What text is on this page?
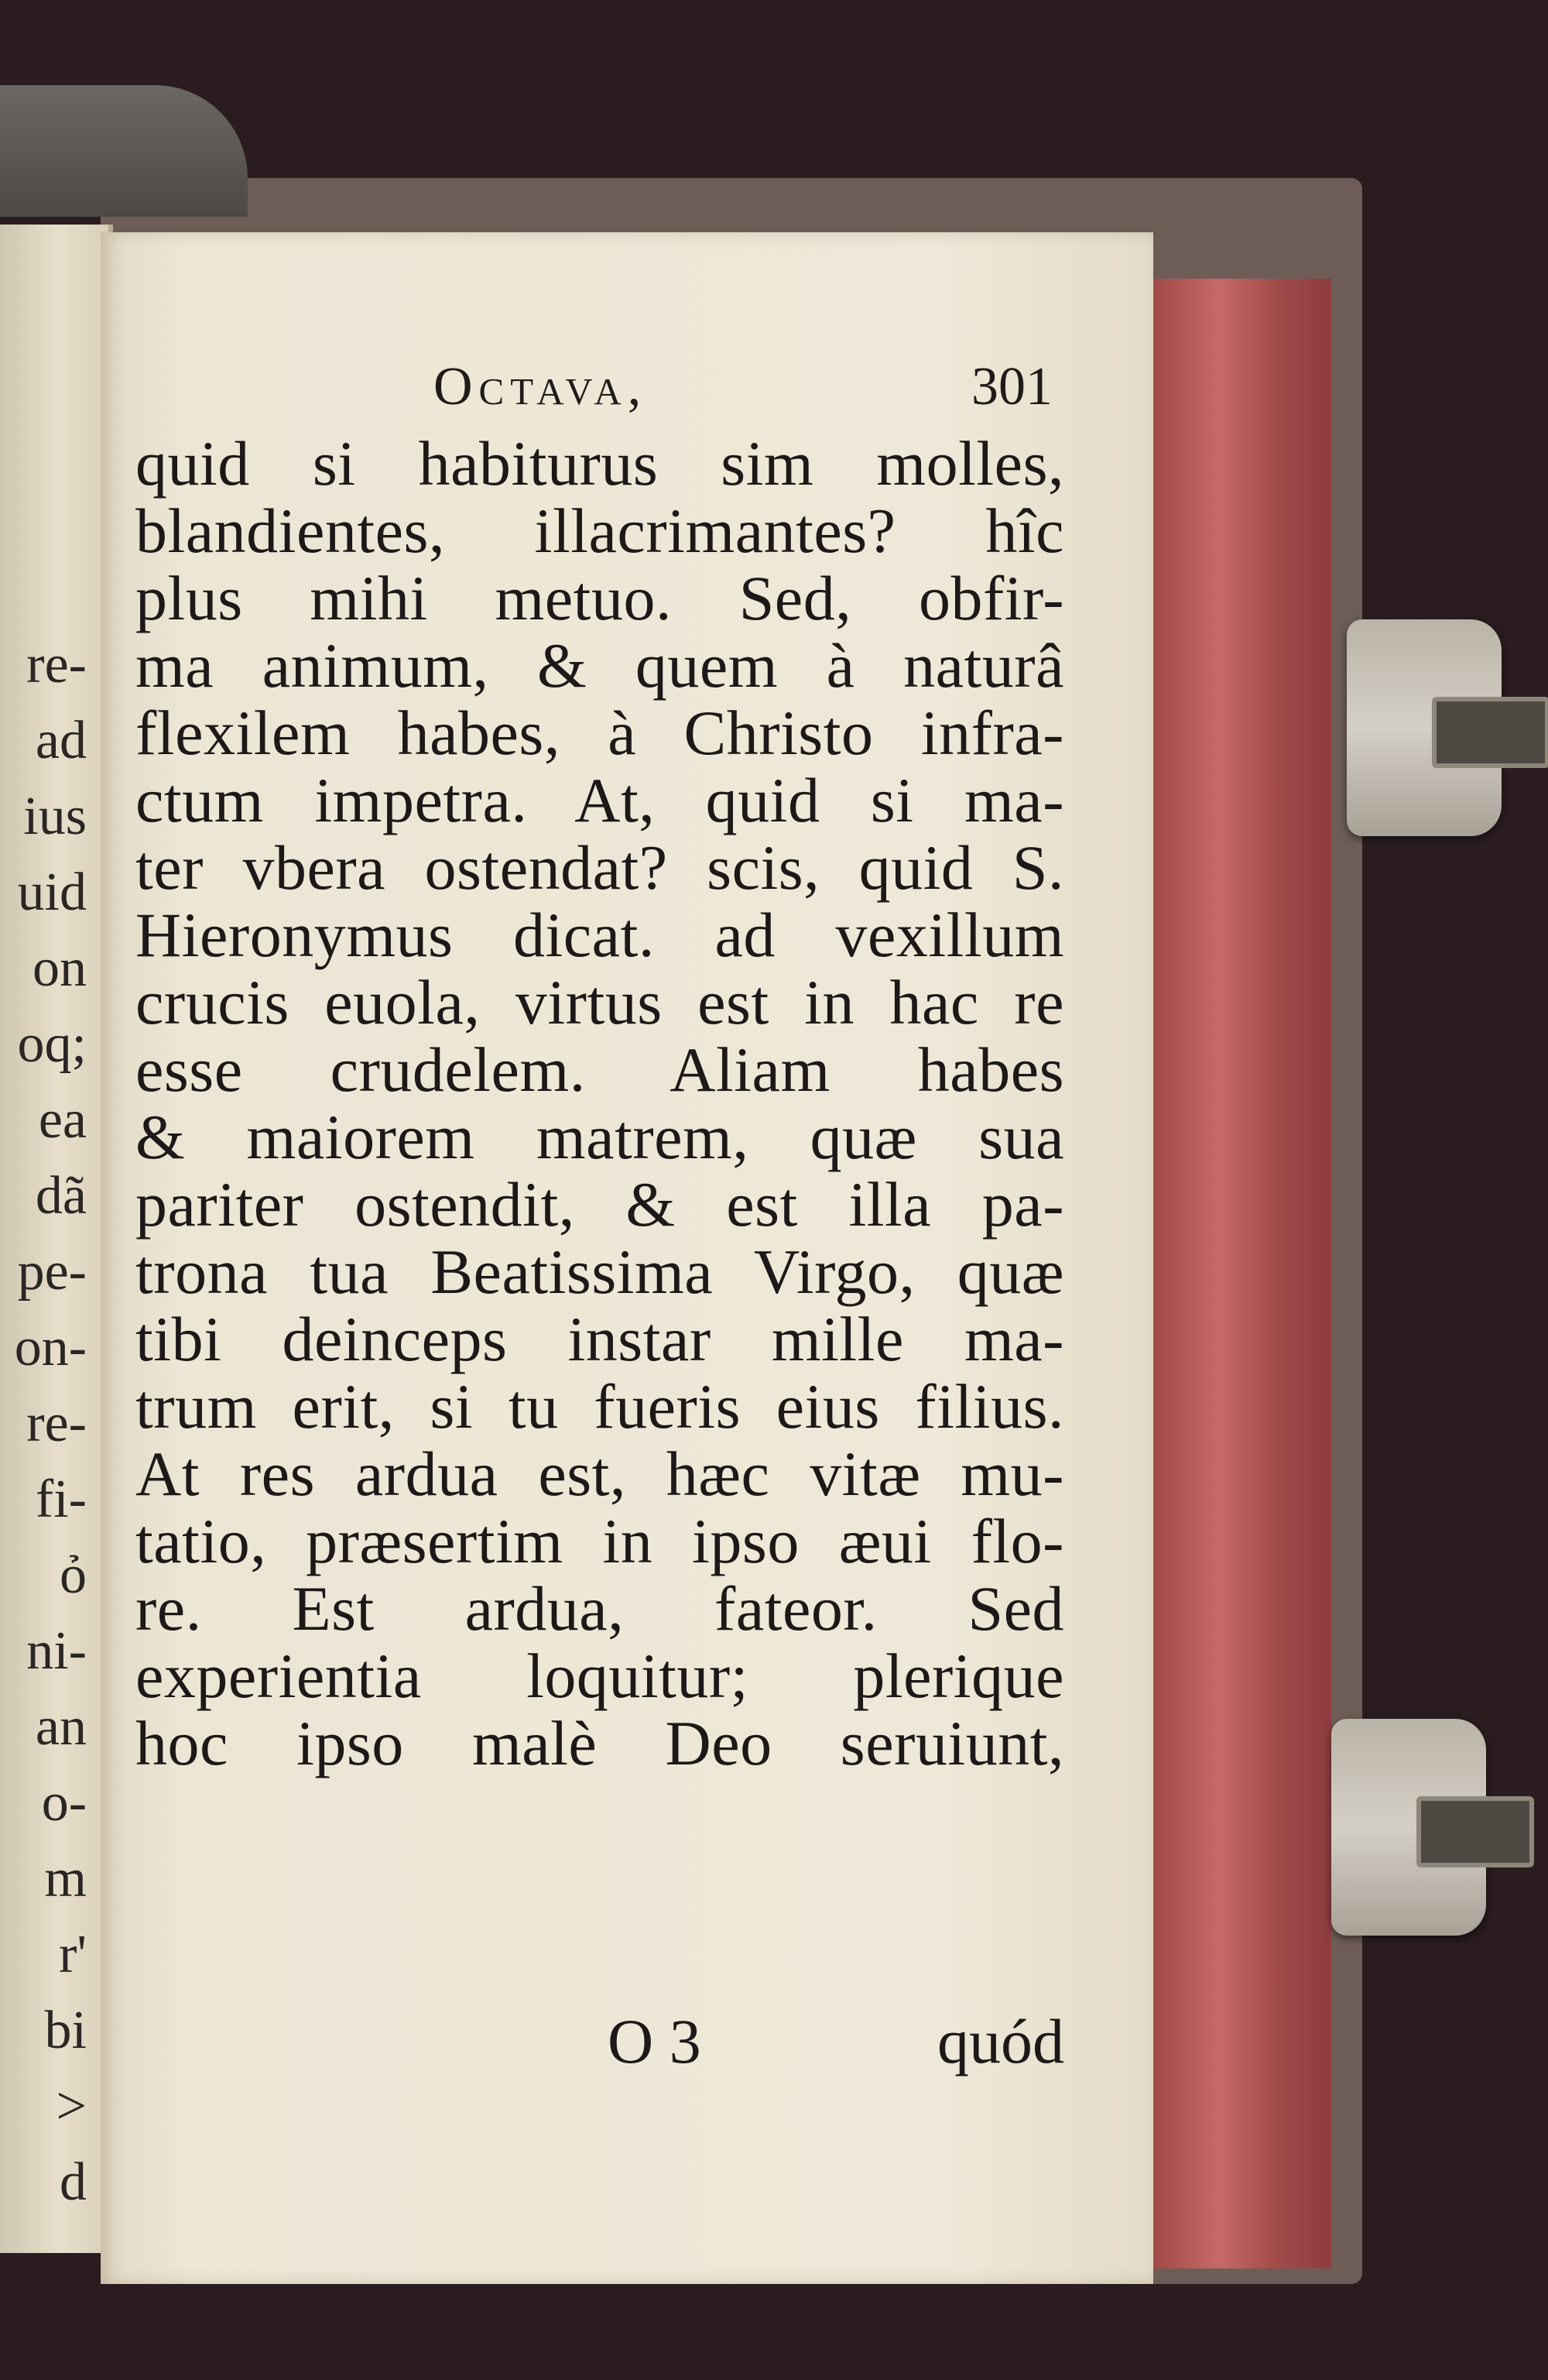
re-
ad
ius
uid
on
oq;
ea
dã
pe-
on-
re-
fi-
ỏ
ni-
an
o-
m
r'
bi
>
d
Octava,	301
quid si habiturus sim molles,
blandientes, illacrimantes? hîc
plus mihi metuo. Sed, obfir-
ma animum, & quem à naturâ
flexilem habes, à Christo infra-
ctum impetra. At, quid si ma-
ter vbera ostendat? scis, quid S.
Hieronymus dicat. ad vexillum
crucis euola, virtus est in hac re
esse crudelem. Aliam habes
& maiorem matrem, quæ sua
pariter ostendit, & est illa pa-
trona tua Beatissima Virgo, quæ
tibi deinceps instar mille ma-
trum erit, si tu fueris eius filius.
At res ardua est, hæc vitæ mu-
tatio, præsertim in ipso æui flo-
re. Est ardua, fateor. Sed
experientia loquitur; plerique
hoc ipso malè Deo seruiunt,
O 3	quód
